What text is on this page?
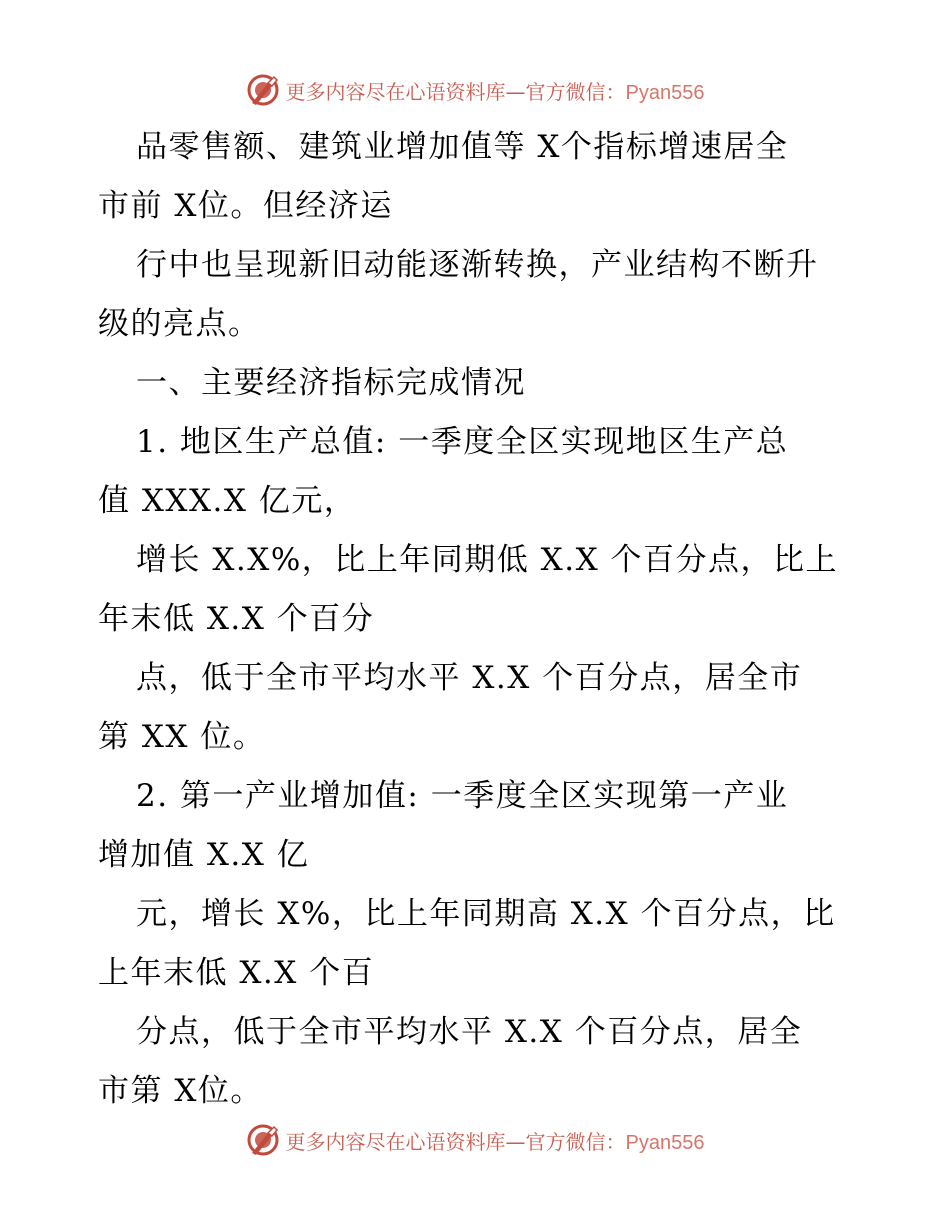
更多内容尽在心语资料库—官方微信：Pyan556
品零售额、建筑业增加值等 X个指标增速居全
市前 X位。但经济运
行中也呈现新旧动能逐渐转换，产业结构不断升
级的亮点。
一、主要经济指标完成情况
1. 地区生产总值: 一季度全区实现地区生产总
值 XXX.X 亿元，
增长 X.X%，比上年同期低 X.X 个百分点，比上
年末低 X.X 个百分
点，低于全市平均水平 X.X 个百分点，居全市
第 XX 位。
2. 第一产业增加值: 一季度全区实现第一产业
增加值 X.X 亿
元，增长 X%，比上年同期高 X.X 个百分点，比
上年末低 X.X 个百
分点，低于全市平均水平 X.X 个百分点，居全
市第 X位。
更多内容尽在心语资料库—官方微信：Pyan556
